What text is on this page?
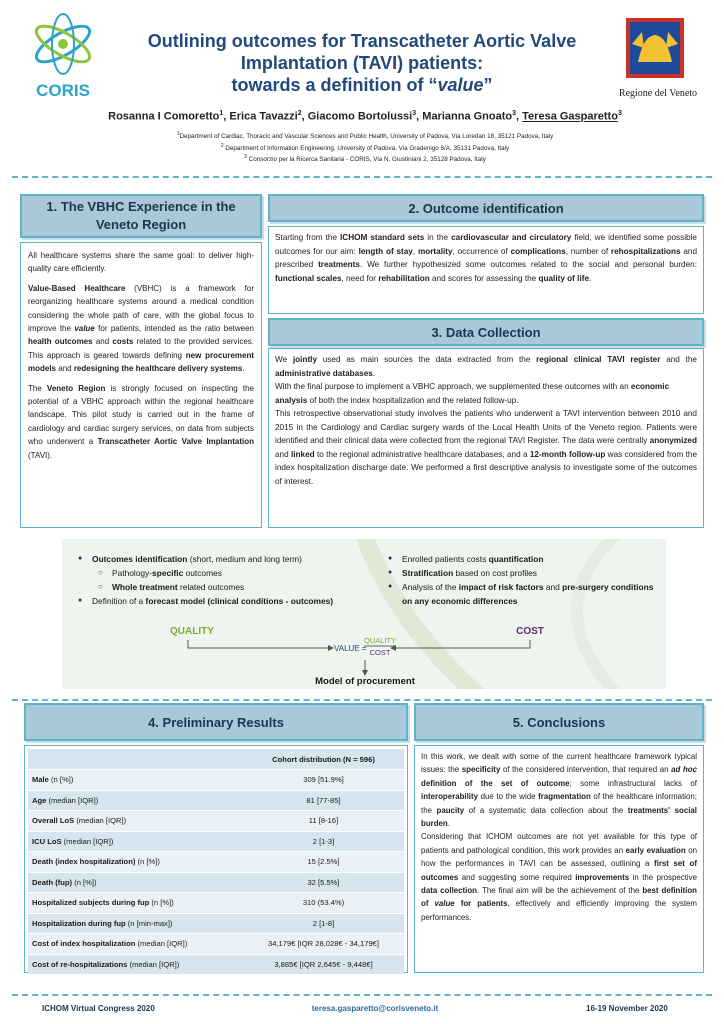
CORIS
Outlining outcomes for Transcatheter Aortic Valve
Implantation (TAVI) patients:
towards a definition of “value”	Regione del Veneto
Rosanna I Comoretto$^1$, Erica Tavazzi$^2$, Giacomo Bortolussi$^3$, Marianna Gnoato$^3$, Teresa Gasparetto$^3$
$^1$Department of Cardiac, Thoracic and Vascular Sciences and Public Health, University of Padova, Via Loredan 18, 35121 Padova, Italy
$^2$ Department of Information Engineering, University of Padova, Via Gradenigo 6/A, 35131 Padova, Italy
$^3$ Consorzio per la Ricerca Sanitaria - CORIS, Via N. Giustiniani 2, 35128 Padova, Italy
1. The VBHC Experience in the Veneto Region

All healthcare systems share the same goal: to deliver high-quality care efficiently.

Value-Based Healthcare (VBHC) is a framework for reorganizing healthcare systems around a medical condition considering the whole path of care, with the global focus to improve the value for patients, intended as the ratio between health outcomes and costs related to the provided services. This approach is geared towards defining new procurement models and redesigning the healthcare delivery systems.

The Veneto Region is strongly focused on inspecting the potential of a VBHC approach within the regional healthcare landscape. This pilot study is carried out in the frame of cardiology and cardiac surgery services, on data from subjects who underwent a Transcatheter Aortic Valve Implantation (TAVI).

2. Outcome identification

Starting from the ICHOM standard sets in the cardiovascular and circulatory field, we identified some possible outcomes for our aim: length of stay, mortality, occurrence of complications, number of rehospitalizations and prescribed treatments. We further hypothesized some outcomes related to the social and personal burden: functional scales, need for rehabilitation and scores for assessing the quality of life.

3. Data Collection

We jointly used as main sources the data extracted from the regional clinical TAVI register and the administrative databases.

With the final purpose to implement a VBHC approach, we supplemented these outcomes with an economic analysis of both the index hospitalization and the related follow-up.

This retrospective observational study involves the patients who underwent a TAVI intervention between 2010 and 2015 in the Cardiology and Cardiac surgery wards of the Local Health Units of the Veneto region. Patients were identified and their clinical data were collected from the regional TAVI Register. The data were centrally anonymized and linked to the regional administrative healthcare databases, and a 12-month follow-up was considered from the index hospitalization discharge date. We performed a first descriptive analysis to investigate some of the outcomes of interest.

● Outcomes identification (short, medium and long term)
○ Pathology-specific outcomes
○ Whole treatment related outcomes
● Definition of a forecast model (clinical conditions - outcomes)
● Enrolled patients costs quantification
● Stratification based on cost profiles
● Analysis of the impact of risk factors and pre-surgery conditions on any economic differences
QUALITY	COST
VALUE =
QUALITY
COST
Model of procurement
4. Preliminary Results
	Cohort distribution (N = 596)
Male (n [%])	309 [51.9%]
Age (median [IQR])	81 [77-85]
Overall LoS (median [IQR])	11 [8-16]
ICU LoS (median [IQR])	2 [1-3]
Death (index hospitalization) (n [%])	15 [2.5%]
Death (fup) (n [%])	32 [5.5%]
Hospitalized subjects during fup (n [%])	310 (53.4%)
Hospitalization during fup (n [min-max])	2 [1-8]
Cost of index hospitalization (median [IQR])	34,179€ [IQR 28,028€ - 34,179€]
Cost of re-hospitalizations (median [IQR])	3,885€ [IQR 2,645€ - 9,448€]
5. Conclusions

In this work, we dealt with some of the current healthcare framework typical issues: the specificity of the considered intervention, that required an ad hoc definition of the set of outcome; some infrastructural lacks of interoperability due to the wide fragmentation of the healthcare information; the paucity of a systematic data collection about the treatments' social burden.

Considering that ICHOM outcomes are not yet available for this type of patients and pathological condition, this work provides an early evaluation on how the performances in TAVI can be assessed, outlining a first set of outcomes and suggesting some required improvements in the prospective data collection. The final aim will be the achievement of the best definition of value for patients, effectively and efficiently improving the system performances.

ICHOM Virtual Congress 2020	teresa.gasparetto@corisveneto.it	16-19 November 2020
